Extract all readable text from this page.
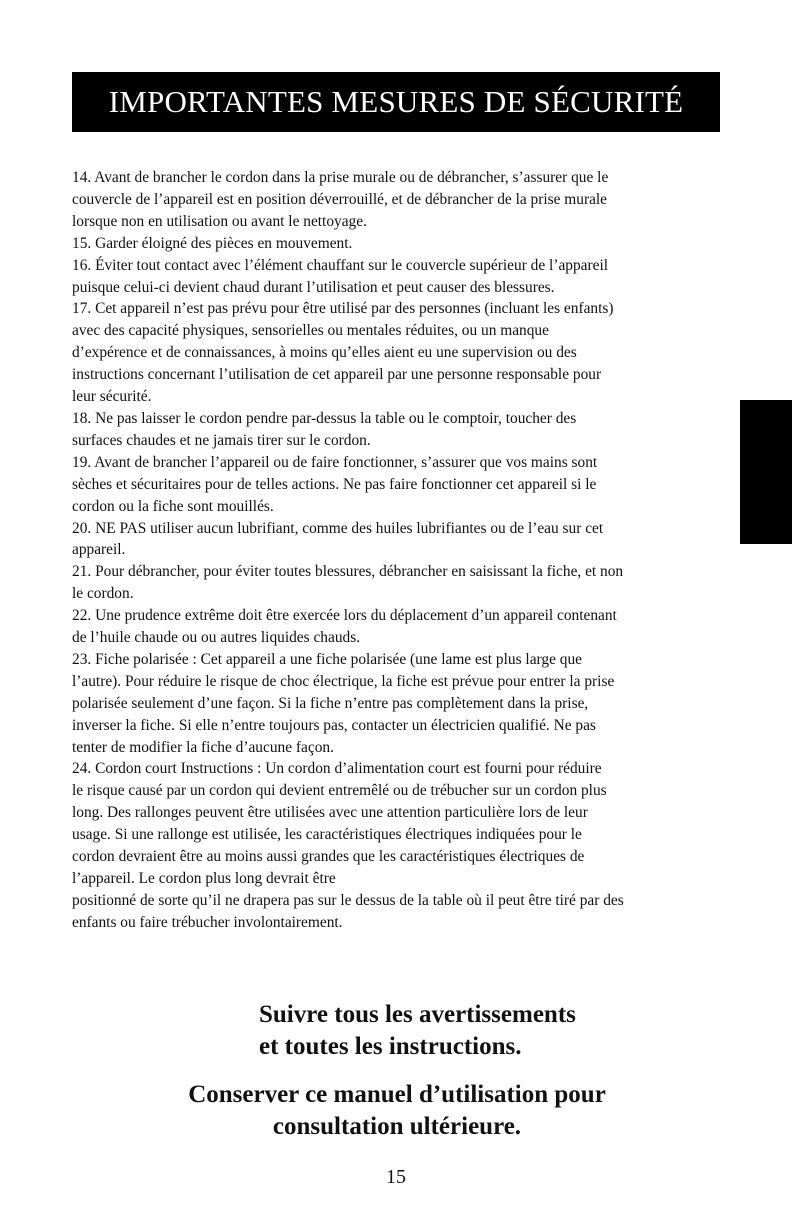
IMPORTANTES MESURES DE SÉCURITÉ
14. Avant de brancher le cordon dans la prise murale ou de débrancher, s’assurer que le
couvercle de l’appareil est en position déverrouillé, et de débrancher de la prise murale
lorsque non en utilisation ou avant le nettoyage.
15. Garder éloigné des pièces en mouvement.
16. Éviter tout contact avec l’élément chauffant sur le couvercle supérieur de l’appareil
puisque celui-ci devient chaud durant l’utilisation et peut causer des blessures.
17. Cet appareil n’est pas prévu pour être utilisé par des personnes (incluant les enfants)
avec des capacité physiques, sensorielles ou mentales réduites, ou un manque
d’expérence et de connaissances, à moins qu’elles aient eu une supervision ou des
instructions concernant l’utilisation de cet appareil par une personne responsable pour
leur sécurité.
18. Ne pas laisser le cordon pendre par-dessus la table ou le comptoir, toucher des
surfaces chaudes et ne jamais tirer sur le cordon.
19. Avant de brancher l’appareil ou de faire fonctionner, s’assurer que vos mains sont
sèches et sécuritaires pour de telles actions. Ne pas faire fonctionner cet appareil si le
cordon ou la fiche sont mouillés.
20. NE PAS utiliser aucun lubrifiant, comme des huiles lubrifiantes ou de l’eau sur cet
appareil.
21. Pour débrancher, pour éviter toutes blessures, débrancher en saisissant la fiche, et non
le cordon.
22. Une prudence extrême doit être exercée lors du déplacement d’un appareil contenant
de l’huile chaude ou ou autres liquides chauds.
23. Fiche polarisée : Cet appareil a une fiche polarisée (une lame est plus large que
l’autre). Pour réduire le risque de choc électrique, la fiche est prévue pour entrer la prise
polarisée seulement d’une façon. Si la fiche n’entre pas complètement dans la prise,
inverser la fiche. Si elle n’entre toujours pas, contacter un électricien qualifié. Ne pas
tenter de modifier la fiche d’aucune façon.
24. Cordon court Instructions : Un cordon d’alimentation court est fourni pour réduire
le risque causé par un cordon qui devient entremêlé ou de trébucher sur un cordon plus
long. Des rallonges peuvent être utilisées avec une attention particulière lors de leur
usage. Si une rallonge est utilisée, les caractéristiques électriques indiquées pour le
cordon devraient être au moins aussi grandes que les caractéristiques électriques de
l’appareil. Le cordon plus long devrait être
positionné de sorte qu’il ne drapera pas sur le dessus de la table où il peut être tiré par des
enfants ou faire trébucher involontairement.
Suivre tous les avertissements
et toutes les instructions.
Conserver ce manuel d’utilisation pour
consultation ultérieure.
15
